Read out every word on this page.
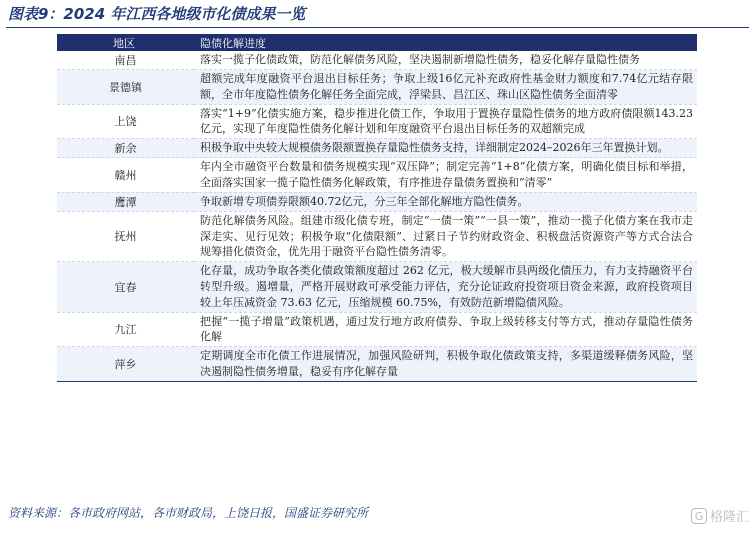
图表9：2024 年江西各地级市化债成果一览
地区	隐债化解进度
南昌	落实一揽子化债政策，防范化解债务风险，坚决遏制新增隐性债务，稳妥化解存量隐性债务
景德镇	超额完成年度融资平台退出目标任务；争取上级16亿元补充政府性基金财力额度和7.74亿元结存限额，全市年度隐性债务化解任务全面完成，浮梁县、昌江区、珠山区隐性债务全面清零
上饶	落实“1+9”化债实施方案，稳步推进化债工作，争取用于置换存量隐性债务的地方政府债限额143.23亿元，实现了年度隐性债务化解计划和年度融资平台退出目标任务的双超额完成
新余	积极争取中央较大规模债务限额置换存量隐性债务支持，详细制定2024–2026年三年置换计划。
赣州	年内全市融资平台数量和债务规模实现“双压降”；制定完善“1+8”化债方案，明确化债目标和举措，全面落实国家一揽子隐性债务化解政策，有序推进存量债务置换和“清零”
鹰潭	争取新增专项债券限额40.72亿元，分三年全部化解地方隐性债务。
抚州	防范化解债务风险。组建市级化债专班，制定“一债一策”“一县一策”，推动一揽子化债方案在我市走深走实、见行见效；积极争取“化债限额”、过紧日子节约财政资金、积极盘活资源资产等方式合法合规筹措化债资金，优先用于融资平台隐性债务清零。
宜春	化存量，成功争取各类化债政策额度超过 262 亿元，极大缓解市县两级化债压力，有力支持融资平台转型升级。遏增量，严格开展财政可承受能力评估，充分论证政府投资项目资金来源，政府投资项目较上年压减资金 73.63 亿元，压缩规模 60.75%，有效防范新增隐债风险。
九江	把握“一揽子增量”政策机遇，通过发行地方政府债券、争取上级转移支付等方式，推动存量隐性债务化解
萍乡	定期调度全市化债工作进展情况，加强风险研判，积极争取化债政策支持，多渠道缓释债务风险，坚决遏制隐性债务增量，稳妥有序化解存量
资料来源：各市政府网站，各市财政局，上饶日报，国盛证券研究所	G 格隆汇
